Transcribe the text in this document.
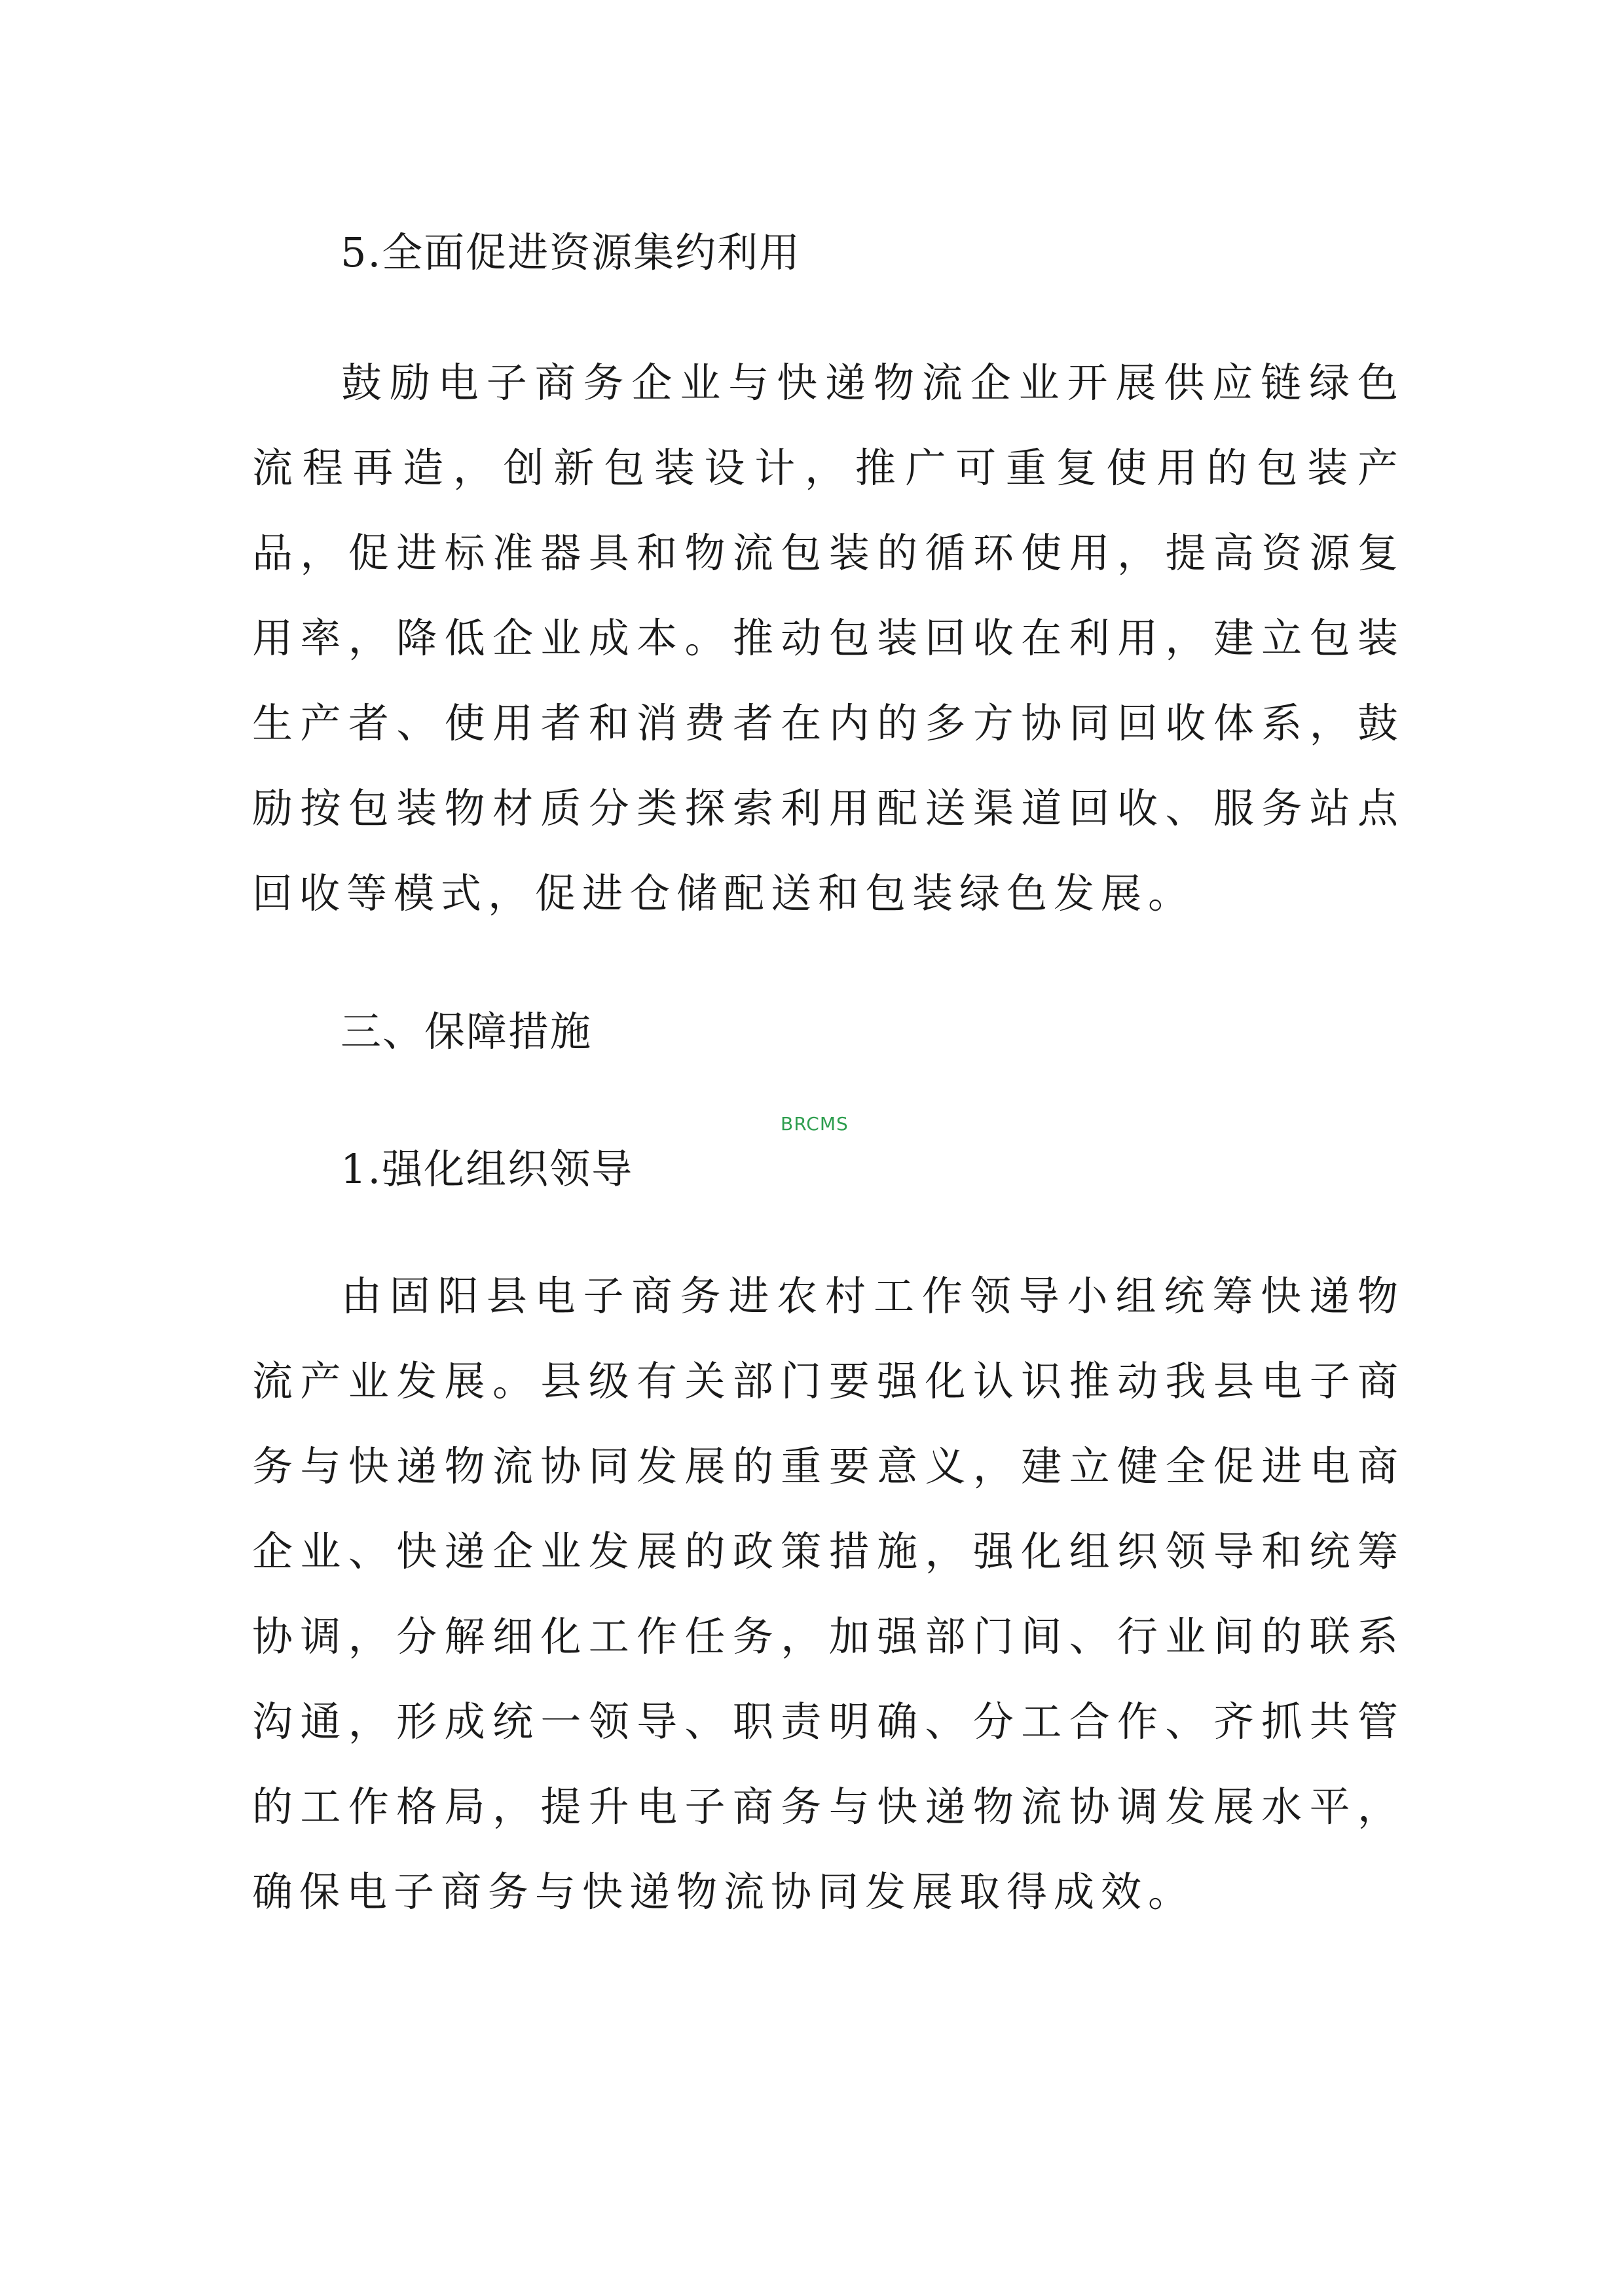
5.全面促进资源集约利用

鼓励电子商务企业与快递物流企业开展供应链绿色流程再造，创新包装设计，推广可重复使用的包装产品，促进标准器具和物流包装的循环使用，提高资源复用率，降低企业成本。推动包装回收在利用，建立包装生产者、使用者和消费者在内的多方协同回收体系，鼓励按包装物材质分类探索利用配送渠道回收、服务站点回收等模式，促进仓储配送和包装绿色发展。

三、保障措施
BRCMS
1.强化组织领导

由固阳县电子商务进农村工作领导小组统筹快递物流产业发展。县级有关部门要强化认识推动我县电子商务与快递物流协同发展的重要意义，建立健全促进电商企业、快递企业发展的政策措施，强化组织领导和统筹协调，分解细化工作任务，加强部门间、行业间的联系沟通，形成统一领导、职责明确、分工合作、齐抓共管的工作格局，提升电子商务与快递物流协调发展水平，确保电子商务与快递物流协同发展取得成效。
